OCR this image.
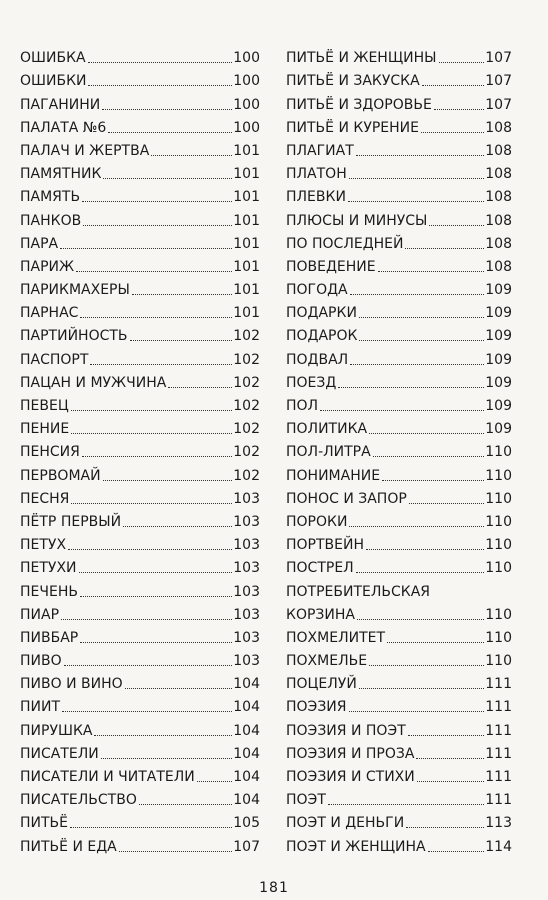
ОШИБКА	100
ОШИБКИ	100
ПАГАНИНИ	100
ПАЛАТА №6	100
ПАЛАЧ И ЖЕРТВА	101
ПАМЯТНИК	101
ПАМЯТЬ	101
ПАНКОВ	101
ПАРА	101
ПАРИЖ	101
ПАРИКМАХЕРЫ	101
ПАРНАС	101
ПАРТИЙНОСТЬ	102
ПАСПОРТ	102
ПАЦАН И МУЖЧИНА	102
ПЕВЕЦ	102
ПЕНИЕ	102
ПЕНСИЯ	102
ПЕРВОМАЙ	102
ПЕСНЯ	103
ПЁТР ПЕРВЫЙ	103
ПЕТУХ	103
ПЕТУХИ	103
ПЕЧЕНЬ	103
ПИАР	103
ПИВБАР	103
ПИВО	103
ПИВО И ВИНО	104
ПИИТ	104
ПИРУШКА	104
ПИСАТЕЛИ	104
ПИСАТЕЛИ И ЧИТАТЕЛИ	104
ПИСАТЕЛЬСТВО	104
ПИТЬЁ	105
ПИТЬЁ И ЕДА	107
ПИТЬЁ И ЖЕНЩИНЫ	107
ПИТЬЁ И ЗАКУСКА	107
ПИТЬЁ И ЗДОРОВЬЕ	107
ПИТЬЁ И КУРЕНИЕ	108
ПЛАГИАТ	108
ПЛАТОН	108
ПЛЕВКИ	108
ПЛЮСЫ И МИНУСЫ	108
ПО ПОСЛЕДНЕЙ	108
ПОВЕДЕНИЕ	108
ПОГОДА	109
ПОДАРКИ	109
ПОДАРОК	109
ПОДВАЛ	109
ПОЕЗД	109
ПОЛ	109
ПОЛИТИКА	109
ПОЛ-ЛИТРА	110
ПОНИМАНИЕ	110
ПОНОС И ЗАПОР	110
ПОРОКИ	110
ПОРТВЕЙН	110
ПОСТРЕЛ	110
ПОТРЕБИТЕЛЬСКАЯ
КОРЗИНА	110
ПОХМЕЛИТЕТ	110
ПОХМЕЛЬЕ	110
ПОЦЕЛУЙ	111
ПОЭЗИЯ	111
ПОЭЗИЯ И ПОЭТ	111
ПОЭЗИЯ И ПРОЗА	111
ПОЭЗИЯ И СТИХИ	111
ПОЭТ	111
ПОЭТ И ДЕНЬГИ	113
ПОЭТ И ЖЕНЩИНА	114
181
